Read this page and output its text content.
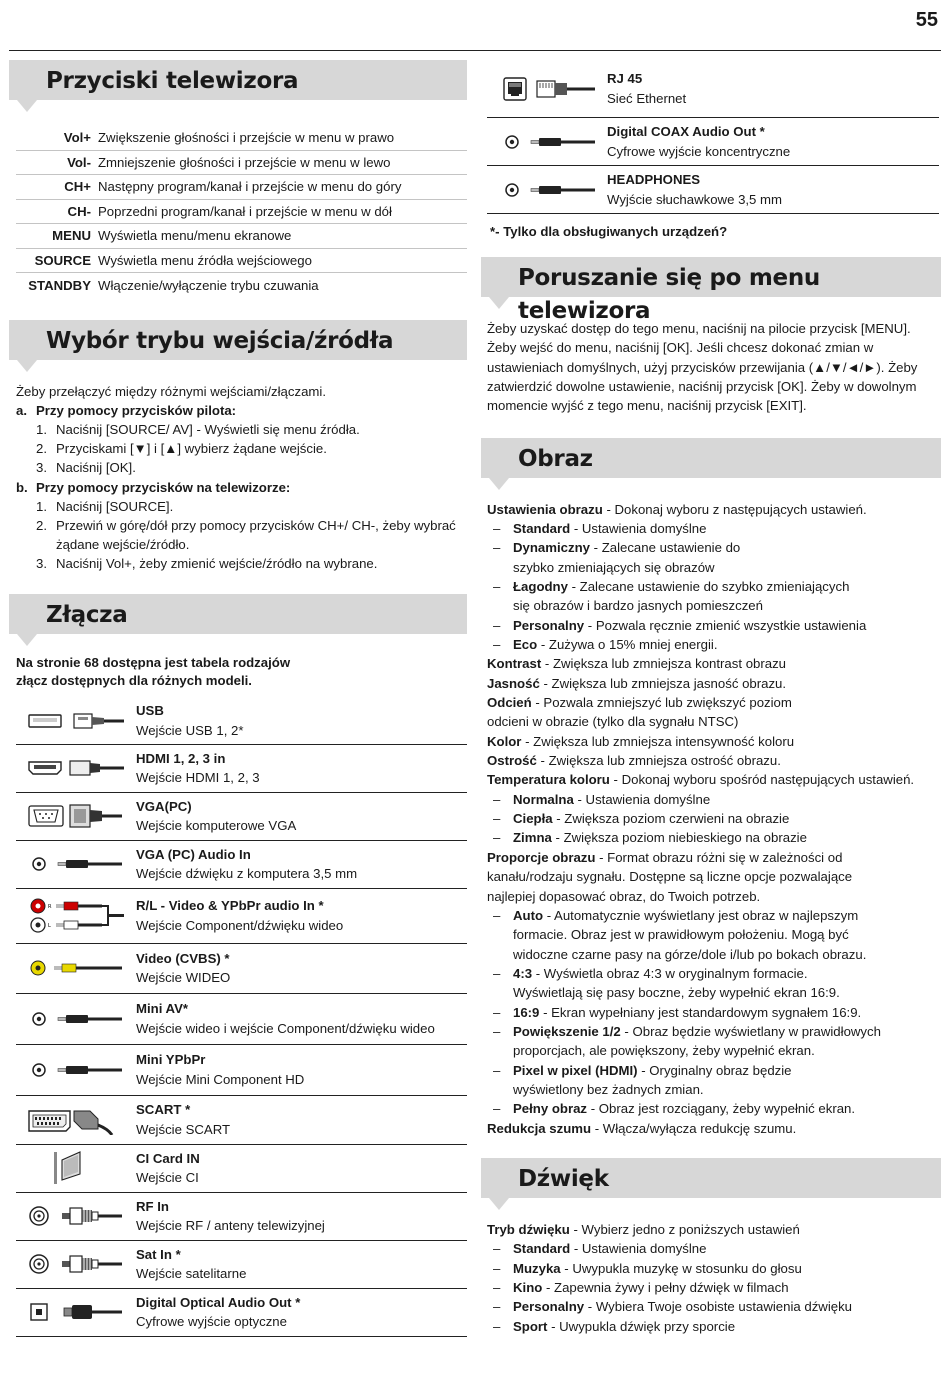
55
Przyciski telewizora
Vol+ Zwiększenie głośności i przejście w menu w prawo
Vol- Zmniejszenie głośności i przejście w menu w lewo
CH+ Następny program/kanał i przejście w menu do góry
CH- Poprzedni program/kanał i przejście w menu w dół
MENU Wyświetla menu/menu ekranowe
SOURCE Wyświetla menu źródła wejściowego
STANDBY Włączenie/wyłączenie trybu czuwania
Wybór trybu wejścia/źródła
Żeby przełączyć między różnymi wejściami/złączami.
a. Przy pomocy przycisków pilota:
1. Naciśnij [SOURCE/ AV] - Wyświetli się menu źródła.
2. Przyciskami [▼] i [▲] wybierz żądane wejście.
3. Naciśnij [OK].
b. Przy pomocy przycisków na telewizorze:
1. Naciśnij [SOURCE].
2. Przewiń w górę/dół przy pomocy przycisków CH+/ CH-, żeby wybrać żądane wejście/źródło.
3. Naciśnij Vol+, żeby zmienić wejście/źródło na wybrane.
Złącza
Na stronie 68 dostępna jest tabela rodzajów
złącz dostępnych dla różnych modeli.
USB
Wejście USB 1, 2*
HDMI 1, 2, 3 in
Wejście HDMI 1, 2, 3
VGA(PC)
Wejście komputerowe VGA
VGA (PC) Audio In
Wejście dźwięku z komputera 3,5 mm
R
L
R/L - Video & YPbPr audio In *
Wejście Component/dźwięku wideo
Video (CVBS) *
Wejście WIDEO
Mini AV*
Wejście wideo i wejście Component/dźwięku wideo
Mini YPbPr
Wejście Mini Component HD
SCART *
Wejście SCART
CI Card IN
Wejście CI
RF In
Wejście RF / anteny telewizyjnej
Sat In *
Wejście satelitarne
Digital Optical Audio Out *
Cyfrowe wyjście optyczne
RJ 45
Sieć Ethernet
Digital COAX Audio Out *
Cyfrowe wyjście koncentryczne
HEADPHONES
Wyjście słuchawkowe 3,5 mm
*- Tylko dla obsługiwanych urządzeń?
Poruszanie się po menu telewizora
Żeby uzyskać dostęp do tego menu, naciśnij na pilocie przycisk [MENU]. Żeby wejść do menu, naciśnij [OK]. Jeśli chcesz dokonać zmian w ustawieniach domyślnych, użyj przycisków przewijania (▲/▼/◄/►). Żeby zatwierdzić dowolne ustawienie, naciśnij przycisk [OK]. Żeby w dowolnym momencie wyjść z tego menu, naciśnij przycisk [EXIT].
Obraz
Ustawienia obrazu - Dokonaj wyboru z następujących ustawień.
– Standard - Ustawienia domyślne
– Dynamiczny - Zalecane ustawienie do
szybko zmieniających się obrazów
– Łagodny - Zalecane ustawienie do szybko zmieniających
się obrazów i bardzo jasnych pomieszczeń
– Personalny - Pozwala ręcznie zmienić wszystkie ustawienia
– Eco - Zużywa o 15% mniej energii.
Kontrast - Zwiększa lub zmniejsza kontrast obrazu
Jasność - Zwiększa lub zmniejsza jasność obrazu.
Odcień - Pozwala zmniejszyć lub zwiększyć poziom
odcieni w obrazie (tylko dla sygnału NTSC)
Kolor - Zwiększa lub zmniejsza intensywność koloru
Ostrość - Zwiększa lub zmniejsza ostrość obrazu.
Temperatura koloru - Dokonaj wyboru spośród następujących ustawień.
– Normalna - Ustawienia domyślne
– Ciepła - Zwiększa poziom czerwieni na obrazie
– Zimna - Zwiększa poziom niebieskiego na obrazie
Proporcje obrazu - Format obrazu różni się w zależności od
kanału/rodzaju sygnału. Dostępne są liczne opcje pozwalające
najlepiej dopasować obraz, do Twoich potrzeb.
– Auto - Automatycznie wyświetlany jest obraz w najlepszym
formacie. Obraz jest w prawidłowym położeniu. Mogą być
widoczne czarne pasy na górze/dole i/lub po bokach obrazu.
– 4:3 - Wyświetla obraz 4:3 w oryginalnym formacie.
Wyświetlają się pasy boczne, żeby wypełnić ekran 16:9.
– 16:9 - Ekran wypełniany jest standardowym sygnałem 16:9.
– Powiększenie 1/2 - Obraz będzie wyświetlany w prawidłowych
proporcjach, ale powiększony, żeby wypełnić ekran.
– Pixel w pixel (HDMI) - Oryginalny obraz będzie
wyświetlony bez żadnych zmian.
– Pełny obraz - Obraz jest rozciągany, żeby wypełnić ekran.
Redukcja szumu - Włącza/wyłącza redukcję szumu.
Dźwięk
Tryb dźwięku - Wybierz jedno z poniższych ustawień
– Standard - Ustawienia domyślne
– Muzyka - Uwypukla muzykę w stosunku do głosu
– Kino - Zapewnia żywy i pełny dźwięk w filmach
– Personalny - Wybiera Twoje osobiste ustawienia dźwięku
– Sport - Uwypukla dźwięk przy sporcie
